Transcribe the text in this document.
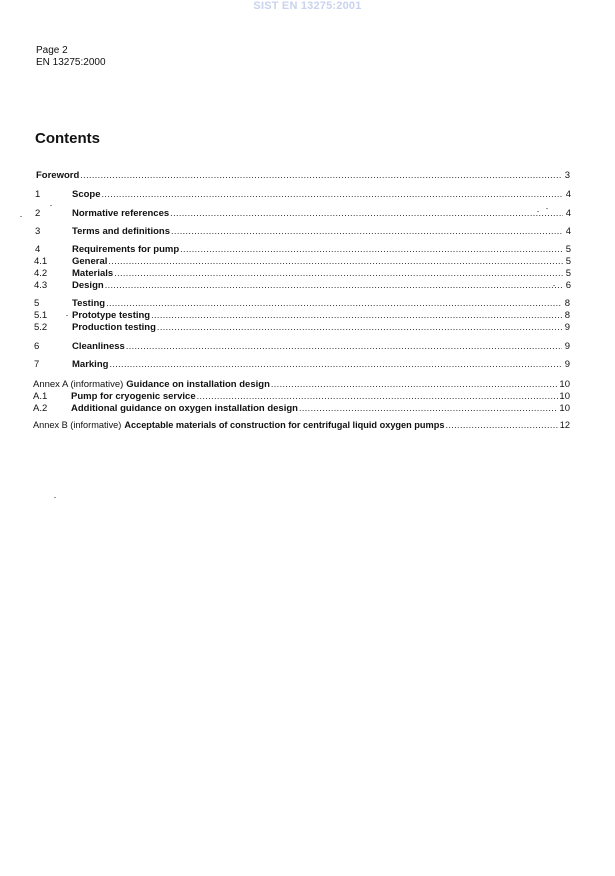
SIST EN 13275:2001
Page 2
EN 13275:2000
Contents
Foreword .....	3
1	Scope .....	4
2	Normative references .....	4
3	Terms and definitions .....	4
4	Requirements for pump .....	5
4.1	General .....	5
4.2	Materials .....	5
4.3	Design .....	6
5	Testing .....	8
5.1	Prototype testing .....	8
5.2	Production testing .....	9
6	Cleanliness .....	9
7	Marking .....	9
Annex A (informative) Guidance on installation design .....	10
A.1	Pump for cryogenic service .....	10
A.2	Additional guidance on oxygen installation design .....	10
Annex B (informative) Acceptable materials of construction for centrifugal liquid oxygen pumps .....	12
